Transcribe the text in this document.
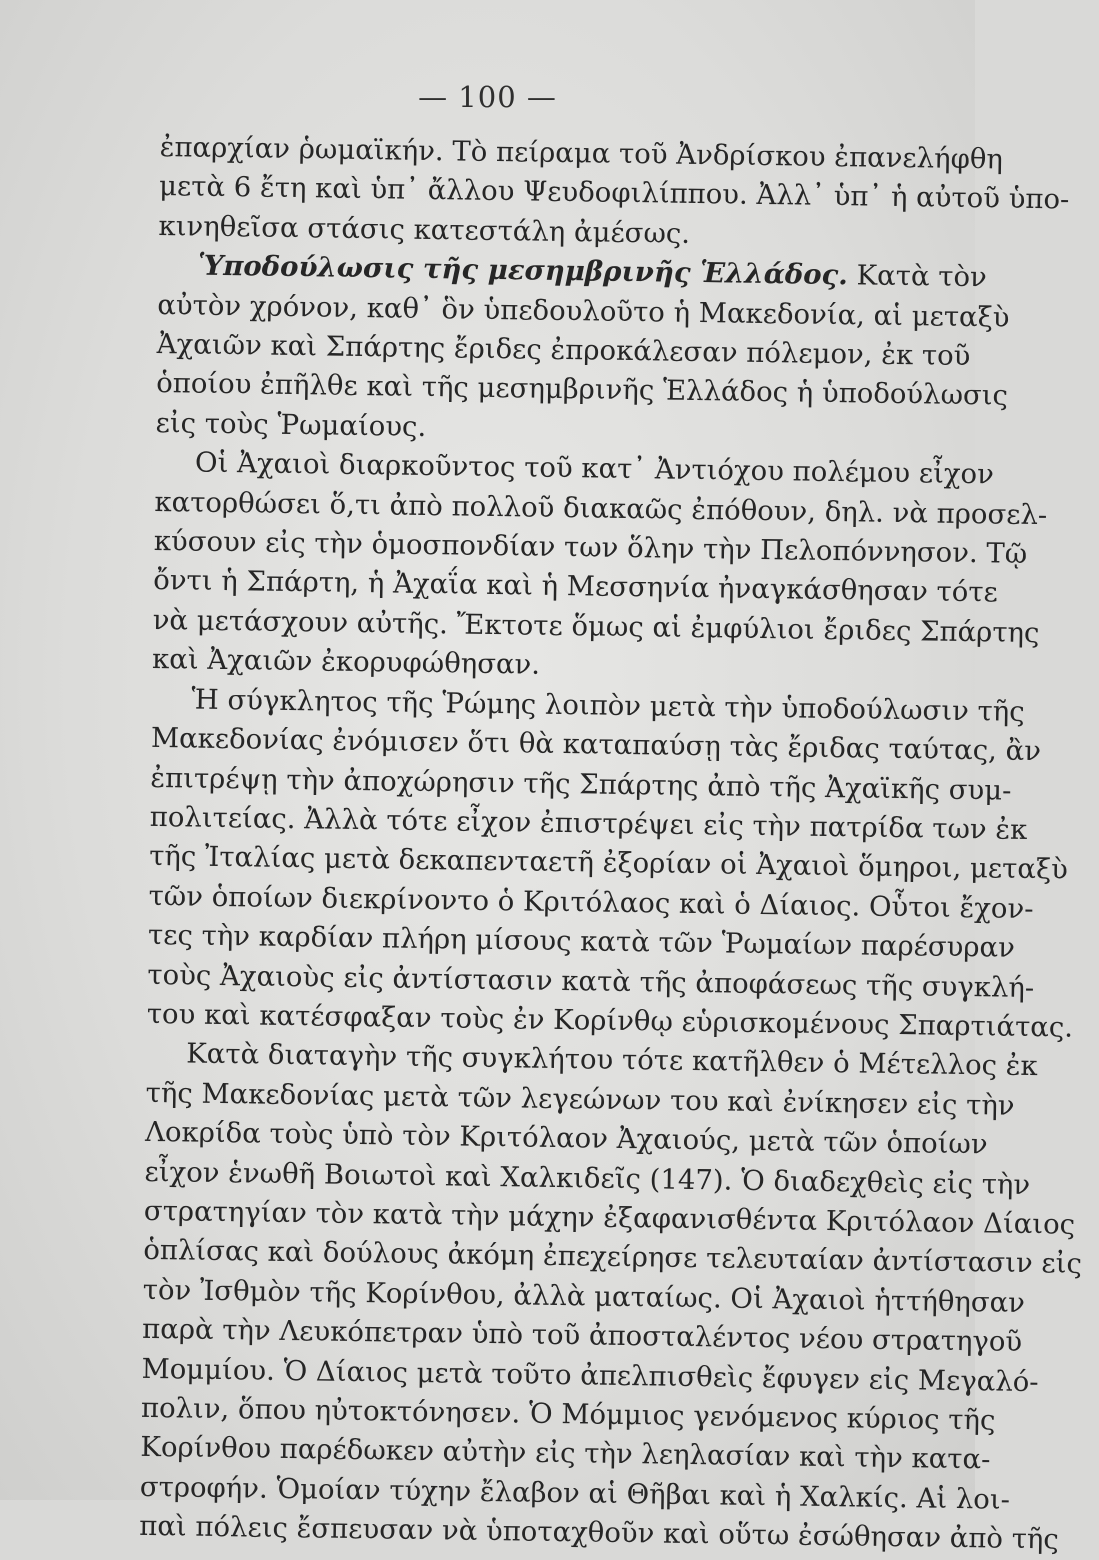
— 100 —
ἐπαρχίαν ῥωμαϊκήν. Τὸ πείραμα τοῦ Ἀνδρίσκου ἐπανελήφθη
μετὰ 6 ἔτη καὶ ὑπ᾽ ἄλλου Ψευδοφιλίππου. Ἀλλ᾽ ὑπ᾽ ἡ αὐτοῦ ὑπο-
κινηθεῖσα στάσις κατεστάλη ἀμέσως.
Ὑποδούλωσις τῆς μεσημβρινῆς Ἑλλάδος. Κατὰ τὸν
αὐτὸν χρόνον, καθ᾽ ὃν ὑπεδουλοῦτο ἡ Μακεδονία, αἱ μεταξὺ
Ἀχαιῶν καὶ Σπάρτης ἔριδες ἐπροκάλεσαν πόλεμον, ἐκ τοῦ
ὁποίου ἐπῆλθε καὶ τῆς μεσημβρινῆς Ἑλλάδος ἡ ὑποδούλωσις
εἰς τοὺς Ῥωμαίους.
Οἱ Ἀχαιοὶ διαρκοῦντος τοῦ κατ᾽ Ἀντιόχου πολέμου εἶχον
κατορθώσει ὅ,τι ἀπὸ πολλοῦ διακαῶς ἐπόθουν, δηλ. νὰ προσελ-
κύσουν εἰς τὴν ὁμοσπονδίαν των ὅλην τὴν Πελοπόννησον. Τῷ
ὄντι ἡ Σπάρτη, ἡ Ἀχαΐα καὶ ἡ Μεσσηνία ἠναγκάσθησαν τότε
νὰ μετάσχουν αὐτῆς. Ἔκτοτε ὅμως αἱ ἐμφύλιοι ἔριδες Σπάρτης
καὶ Ἀχαιῶν ἐκορυφώθησαν.
Ἡ σύγκλητος τῆς Ῥώμης λοιπὸν μετὰ τὴν ὑποδούλωσιν τῆς
Μακεδονίας ἐνόμισεν ὅτι θὰ καταπαύσῃ τὰς ἔριδας ταύτας, ἂν
ἐπιτρέψῃ τὴν ἀποχώρησιν τῆς Σπάρτης ἀπὸ τῆς Ἀχαϊκῆς συμ-
πολιτείας. Ἀλλὰ τότε εἶχον ἐπιστρέψει εἰς τὴν πατρίδα των ἐκ
τῆς Ἰταλίας μετὰ δεκαπενταετῆ ἐξορίαν οἱ Ἀχαιοὶ ὅμηροι, μεταξὺ
τῶν ὁποίων διεκρίνοντο ὁ Κριτόλαος καὶ ὁ Δίαιος. Οὗτοι ἔχον-
τες τὴν καρδίαν πλήρη μίσους κατὰ τῶν Ῥωμαίων παρέσυραν
τοὺς Ἀχαιοὺς εἰς ἀντίστασιν κατὰ τῆς ἀποφάσεως τῆς συγκλή-
του καὶ κατέσφαξαν τοὺς ἐν Κορίνθῳ εὑρισκομένους Σπαρτιάτας.
Κατὰ διαταγὴν τῆς συγκλήτου τότε κατῆλθεν ὁ Μέτελλος ἐκ
τῆς Μακεδονίας μετὰ τῶν λεγεώνων του καὶ ἐνίκησεν εἰς τὴν
Λοκρίδα τοὺς ὑπὸ τὸν Κριτόλαον Ἀχαιούς, μετὰ τῶν ὁποίων
εἶχον ἑνωθῆ Βοιωτοὶ καὶ Χαλκιδεῖς (147). Ὁ διαδεχθεὶς εἰς τὴν
στρατηγίαν τὸν κατὰ τὴν μάχην ἐξαφανισθέντα Κριτόλαον Δίαιος
ὁπλίσας καὶ δούλους ἀκόμη ἐπεχείρησε τελευταίαν ἀντίστασιν εἰς
τὸν Ἰσθμὸν τῆς Κορίνθου, ἀλλὰ ματαίως. Οἱ Ἀχαιοὶ ἡττήθησαν
παρὰ τὴν Λευκόπετραν ὑπὸ τοῦ ἀποσταλέντος νέου στρατηγοῦ
Μομμίου. Ὁ Δίαιος μετὰ τοῦτο ἀπελπισθεὶς ἔφυγεν εἰς Μεγαλό-
πολιν, ὅπου ηὐτοκτόνησεν. Ὁ Μόμμιος γενόμενος κύριος τῆς
Κορίνθου παρέδωκεν αὐτὴν εἰς τὴν λεηλασίαν καὶ τὴν κατα-
στροφήν. Ὁμοίαν τύχην ἔλαβον αἱ Θῆβαι καὶ ἡ Χαλκίς. Αἱ λοι-
παὶ πόλεις ἔσπευσαν νὰ ὑποταχθοῦν καὶ οὕτω ἐσώθησαν ἀπὸ τῆς
